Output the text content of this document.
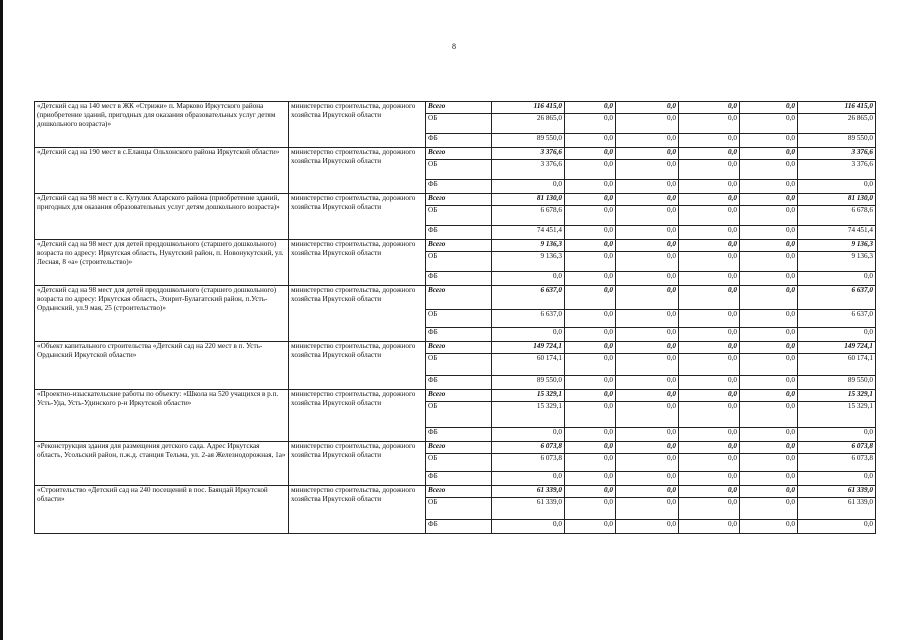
8
«Детский сад на 140 мест в ЖК «Стрижи» п. Марково Иркутского района (приобретение зданий, пригодных для оказания образовательных услуг детям дошкольного возраста)»	министерство строительства, дорожного хозяйства Иркутской области	Всего	116 415,0	0,0	0,0	0,0	0,0	116 415,0
		ОБ	26 865,0	0,0	0,0	0,0	0,0	26 865,0
		ФБ	89 550,0	0,0	0,0	0,0	0,0	89 550,0
«Детский сад на 190 мест в с.Еланцы Ольхонского района Иркутской области»	министерство строительства, дорожного хозяйства Иркутской области	Всего	3 376,6	0,0	0,0	0,0	0,0	3 376,6
		ОБ	3 376,6	0,0	0,0	0,0	0,0	3 376,6
		ФБ	0,0	0,0	0,0	0,0	0,0	0,0
«Детский сад на 98 мест в с. Кутулик Аларского района (приобретение зданий, пригодных для оказания образовательных услуг детям дошкольного возраста)»	министерство строительства, дорожного хозяйства Иркутской области	Всего	81 130,0	0,0	0,0	0,0	0,0	81 130,0
		ОБ	6 678,6	0,0	0,0	0,0	0,0	6 678,6
		ФБ	74 451,4	0,0	0,0	0,0	0,0	74 451,4
«Детский сад на 98 мест для детей преддошкольного (старшего дошкольного) возраста по адресу: Иркутская область, Нукутский район, п. Новонукутский, ул. Лесная, 8 «а» (строительство)»	министерство строительства, дорожного хозяйства Иркутской области	Всего	9 136,3	0,0	0,0	0,0	0,0	9 136,3
		ОБ	9 136,3	0,0	0,0	0,0	0,0	9 136,3
		ФБ	0,0	0,0	0,0	0,0	0,0	0,0
«Детский сад на 98 мест для детей преддошкольного (старшего дошкольного) возраста по адресу: Иркутская область, Эхирит-Булагатский район, п.Усть-Ордынский, ул.9 мая, 25 (строительство)»	министерство строительства, дорожного хозяйства Иркутской области	Всего	6 637,0	0,0	0,0	0,0	0,0	6 637,0
		ОБ	6 637,0	0,0	0,0	0,0	0,0	6 637,0
		ФБ	0,0	0,0	0,0	0,0	0,0	0,0
«Объект капитального строительства «Детский сад на 220 мест в п. Усть-Ордынский Иркутской области»	министерство строительства, дорожного хозяйства Иркутской области	Всего	149 724,1	0,0	0,0	0,0	0,0	149 724,1
		ОБ	60 174,1	0,0	0,0	0,0	0,0	60 174,1
		ФБ	89 550,0	0,0	0,0	0,0	0,0	89 550,0
«Проектно-изыскательские работы по объекту: «Школа на 520 учащихся в р.п. Усть-Уда, Усть-Удинского р-н Иркутской области»	министерство строительства, дорожного хозяйства Иркутской области	Всего	15 329,1	0,0	0,0	0,0	0,0	15 329,1
		ОБ	15 329,1	0,0	0,0	0,0	0,0	15 329,1
		ФБ	0,0	0,0	0,0	0,0	0,0	0,0
«Реконструкция здания для размещения детского сада. Адрес Иркутская область, Усольский район, п.ж.д. станция Тельма, ул. 2-ая Железнодорожная, 1а»	министерство строительства, дорожного хозяйства Иркутской области	Всего	6 073,8	0,0	0,0	0,0	0,0	6 073,8
		ОБ	6 073,8	0,0	0,0	0,0	0,0	6 073,8
		ФБ	0,0	0,0	0,0	0,0	0,0	0,0
«Строительство «Детский сад на 240 посещений в пос. Баяндай Иркутской области»	министерство строительства, дорожного хозяйства Иркутской области	Всего	61 339,0	0,0	0,0	0,0	0,0	61 339,0
		ОБ	61 339,0	0,0	0,0	0,0	0,0	61 339,0
		ФБ	0,0	0,0	0,0	0,0	0,0	0,0
